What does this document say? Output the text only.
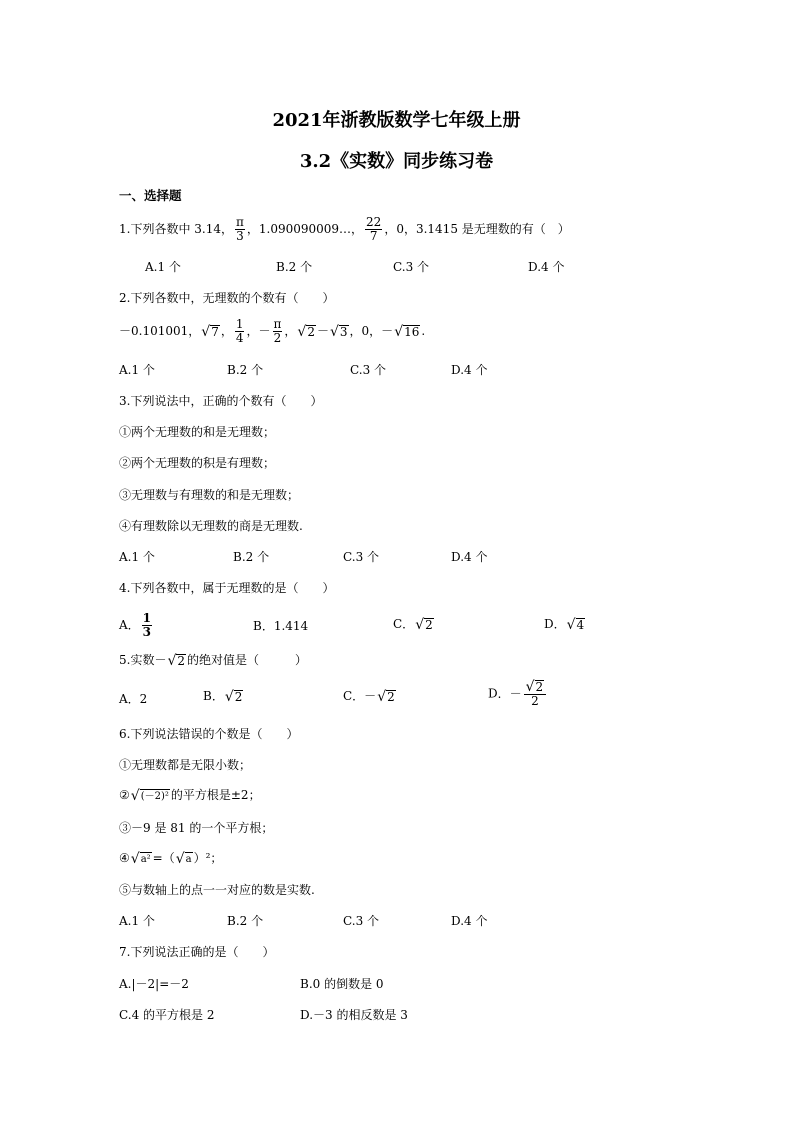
2021年浙教版数学七年级上册
3.2《实数》同步练习卷
一、选择题
1.下列各数中 3.14， $\frac{\pi}{3}$ ，1.090090009…， $\frac{22}{7}$ ，0，3.1415 是无理数的有（　）
A.1 个	B.2 个	C.3 个	D.4 个
2.下列各数中，无理数的个数有（　　）
－0.101001， √ 7 ， $\frac{1}{4}$ ，－ $\frac{\pi}{2}$ ， √ 2 － √ 3 ，0，－ √ 16 .
A.1 个	B.2 个	C.3 个	D.4 个
3.下列说法中，正确的个数有（　　）
①两个无理数的和是无理数；
②两个无理数的积是有理数；
③无理数与有理数的和是无理数；
④有理数除以无理数的商是无理数.
A.1 个	B.2 个	C.3 个	D.4 个
4.下列各数中，属于无理数的是（　　）
A． $\frac{1}{3}$	B．1.414	C． √ 2	D． √ 4
5.实数－ √ 2 的绝对值是（　　　）
A．2	B． √ 2	C．－ √ 2	D．－ $\frac{√ 2}{2}$
6.下列说法错误的个数是（　　）
①无理数都是无限小数；
② √ (－2)² 的平方根是±2；
③－9 是 81 的一个平方根；
④ √ a² =（ √ a ）²；
⑤与数轴上的点一一对应的数是实数.
A.1 个	B.2 个	C.3 个	D.4 个
7.下列说法正确的是（　　）
A.|－2|=－2	B.0 的倒数是 0
C.4 的平方根是 2	D.－3 的相反数是 3
